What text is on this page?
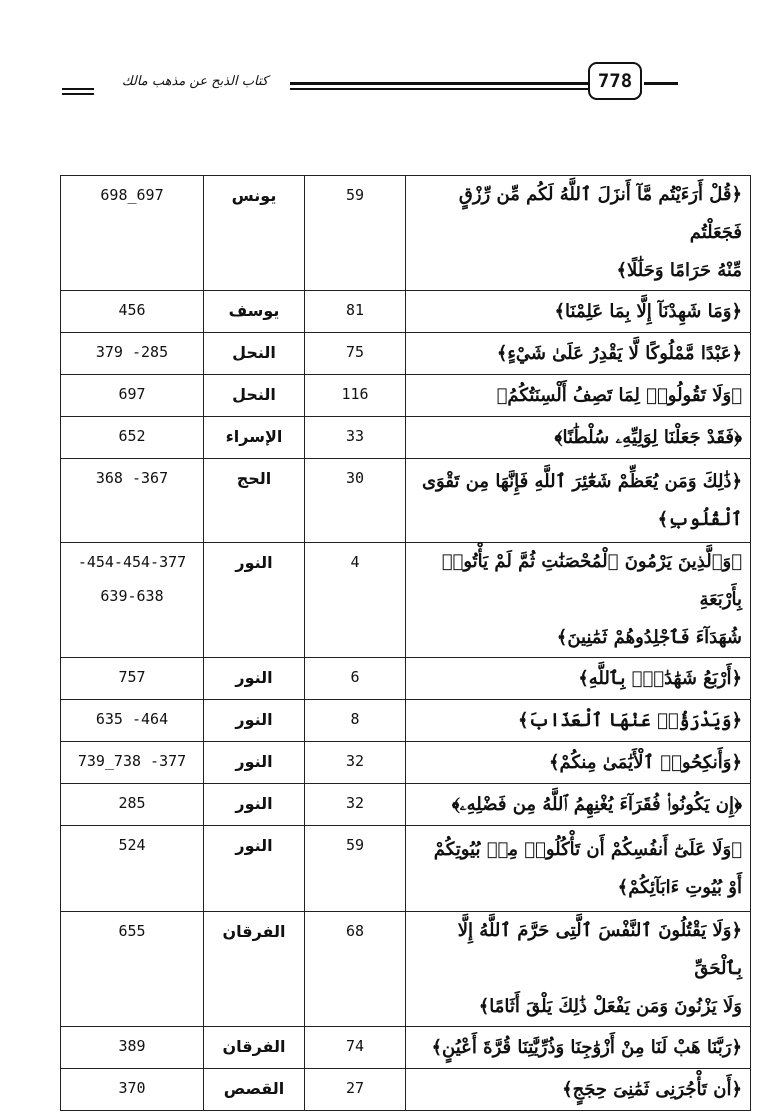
كتاب الذبح عن مذهب مالك	778
698_697	يونس	59	﴿قُلْ أَرَءَيْتُم مَّآ أَنزَلَ ٱللَّهُ لَكُم مِّن رِّزْقٍ فَجَعَلْتُم
مِّنْهُ حَرَامًا وَحَلَٰلًا﴾

456	يوسف	81	﴿وَمَا شَهِدْنَآ إِلَّا بِمَا عَلِمْنَا﴾

379 -285	النحل	75	﴿عَبْدًا مَّمْلُوكًا لَّا يَقْدِرُ عَلَىٰ شَيْءٍ﴾

697	النحل	116	﴿وَلَا تَقُولُوا۟ لِمَا تَصِفُ أَلْسِنَتُكُمُ﴾

652	الإسراء	33	﴿فَقَدْ جَعَلْنَا لِوَلِيِّهِۦ سُلْطَٰنًا﴾

368 -367	الحج	30	﴿ذَٰلِكَ وَمَن يُعَظِّمْ شَعَٰٓئِرَ ٱللَّهِ فَإِنَّهَا مِن تَقْوَى
ٱلْقُلُوبِ﴾

-454-454-377
639-638	النور	4	﴿وَٱلَّذِينَ يَرْمُونَ ٱلْمُحْصَنَٰتِ ثُمَّ لَمْ يَأْتُوا۟ بِأَرْبَعَةِ
شُهَدَآءَ فَٱجْلِدُوهُمْ ثَمَٰنِينَ﴾

757	النور	6	﴿أَرْبَعُ شَهَٰدَٰتٍۭ بِٱللَّهِ﴾

635 -464	النور	8	﴿وَيَدْرَؤُا۟ عَنْهَا ٱلْعَذَابَ﴾

739_738 -377	النور	32	﴿وَأَنكِحُوا۟ ٱلْأَيَٰمَىٰ مِنكُمْ﴾

285	النور	32	﴿إِن يَكُونُوا۟ فُقَرَآءَ يُغْنِهِمُ ٱللَّهُ مِن فَضْلِهِۦ﴾

524	النور	59	﴿وَلَا عَلَىٰٓ أَنفُسِكُمْ أَن تَأْكُلُوا۟ مِنۢ بُيُوتِكُمْ
أَوْ بُيُوتِ ءَابَآئِكُمْ﴾

655	الفرقان	68	﴿وَلَا يَقْتُلُونَ ٱلنَّفْسَ ٱلَّتِى حَرَّمَ ٱللَّهُ إِلَّا بِٱلْحَقِّ
وَلَا يَزْنُونَ وَمَن يَفْعَلْ ذَٰلِكَ يَلْقَ أَثَامًا﴾

389	الفرقان	74	﴿رَبَّنَا هَبْ لَنَا مِنْ أَزْوَٰجِنَا وَذُرِّيَّٰتِنَا قُرَّةَ أَعْيُنٍ﴾

370	القصص	27	﴿أَن تَأْجُرَنِى ثَمَٰنِىَ حِجَجٍ﴾
